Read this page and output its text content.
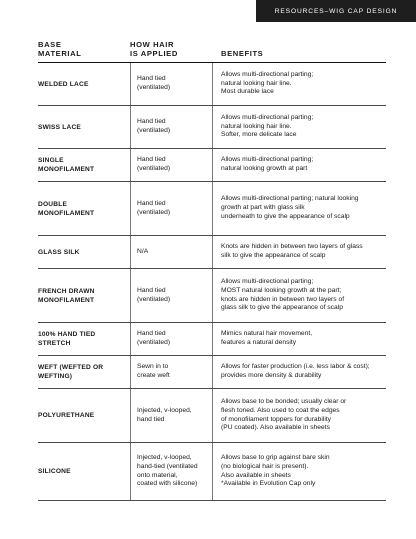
RESOURCES–WIG CAP DESIGN
BASE
MATERIAL
HOW HAIR
IS APPLIED	BENEFITS
WELDED LACE
Hand tied
(ventilated)
Allows multi-directional parting;
natural looking hair line.
Most durable lace
SWISS LACE
Hand tied
(ventilated)
Allows multi-directional parting;
natural looking hair line.
Softer, more delicate lace
SINGLE
MONOFILAMENT
Hand tied
(ventilated)
Allows multi-directional parting;
natural looking growth at part
DOUBLE
MONOFILAMENT
Hand tied
(ventilated)
Allows multi-directional parting; natural looking
growth at part with glass silk
underneath to give the appearance of scalp
GLASS SILK	N/A
Knots are hidden in between two layers of glass
silk to give the appearance of scalp
FRENCH DRAWN
MONOFILAMENT
Hand tied
(ventilated)
Allows multi-directional parting;
MOST natural looking growth at the part;
knots are hidden in between two layers of
glass silk to give the appearance of scalp
100% HAND TIED
STRETCH
Hand tied
(ventilated)
Mimics natural hair movement,
features a natural density
WEFT (WEFTED OR
WEFTING)
Sewn in to
create weft
Allows for faster production (i.e. less labor & cost);
provides more density & durability
POLYURETHANE
Injected, v-looped,
hand tied
Allows base to be bonded; usually clear or
flesh toned. Also used to coat the edges
of monofilament toppers for durability
(PU coated). Also available in sheets
SILICONE
Injected, v-looped,
hand-tied (ventilated
onto material,
coated with silicone)
Allows base to grip against bare skin
(no biological hair is present).
Also available in sheets
*Available in Evolution Cap only
